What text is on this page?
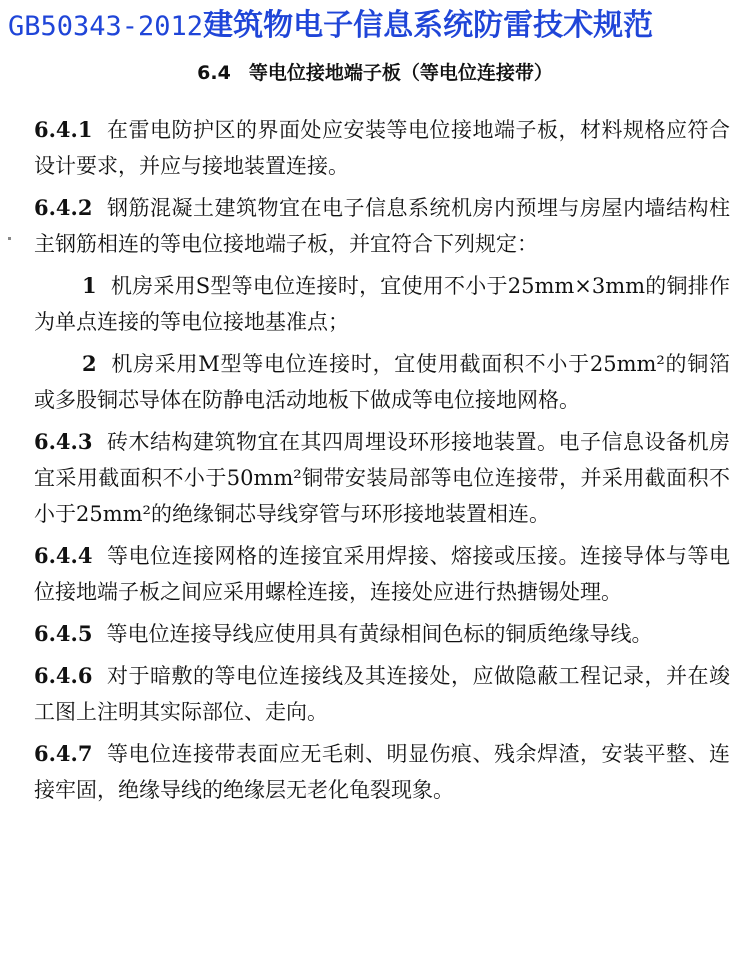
GB50343-2012建筑物电子信息系统防雷技术规范
6.4 等电位接地端子板（等电位连接带）

6.4.1 在雷电防护区的界面处应安装等电位接地端子板，材料规格应符合设计要求，并应与接地装置连接。

6.4.2 钢筋混凝土建筑物宜在电子信息系统机房内预埋与房屋内墙结构柱主钢筋相连的等电位接地端子板，并宜符合下列规定：

1 机房采用S型等电位连接时，宜使用不小于25mm×3mm的铜排作为单点连接的等电位接地基准点；

2 机房采用M型等电位连接时，宜使用截面积不小于25mm²的铜箔或多股铜芯导体在防静电活动地板下做成等电位接地网格。

6.4.3 砖木结构建筑物宜在其四周埋设环形接地装置。电子信息设备机房宜采用截面积不小于50mm²铜带安装局部等电位连接带，并采用截面积不小于25mm²的绝缘铜芯导线穿管与环形接地装置相连。

6.4.4 等电位连接网格的连接宜采用焊接、熔接或压接。连接导体与等电位接地端子板之间应采用螺栓连接，连接处应进行热搪锡处理。

6.4.5 等电位连接导线应使用具有黄绿相间色标的铜质绝缘导线。

6.4.6 对于暗敷的等电位连接线及其连接处，应做隐蔽工程记录，并在竣工图上注明其实际部位、走向。

6.4.7 等电位连接带表面应无毛刺、明显伤痕、残余焊渣，安装平整、连接牢固，绝缘导线的绝缘层无老化龟裂现象。
